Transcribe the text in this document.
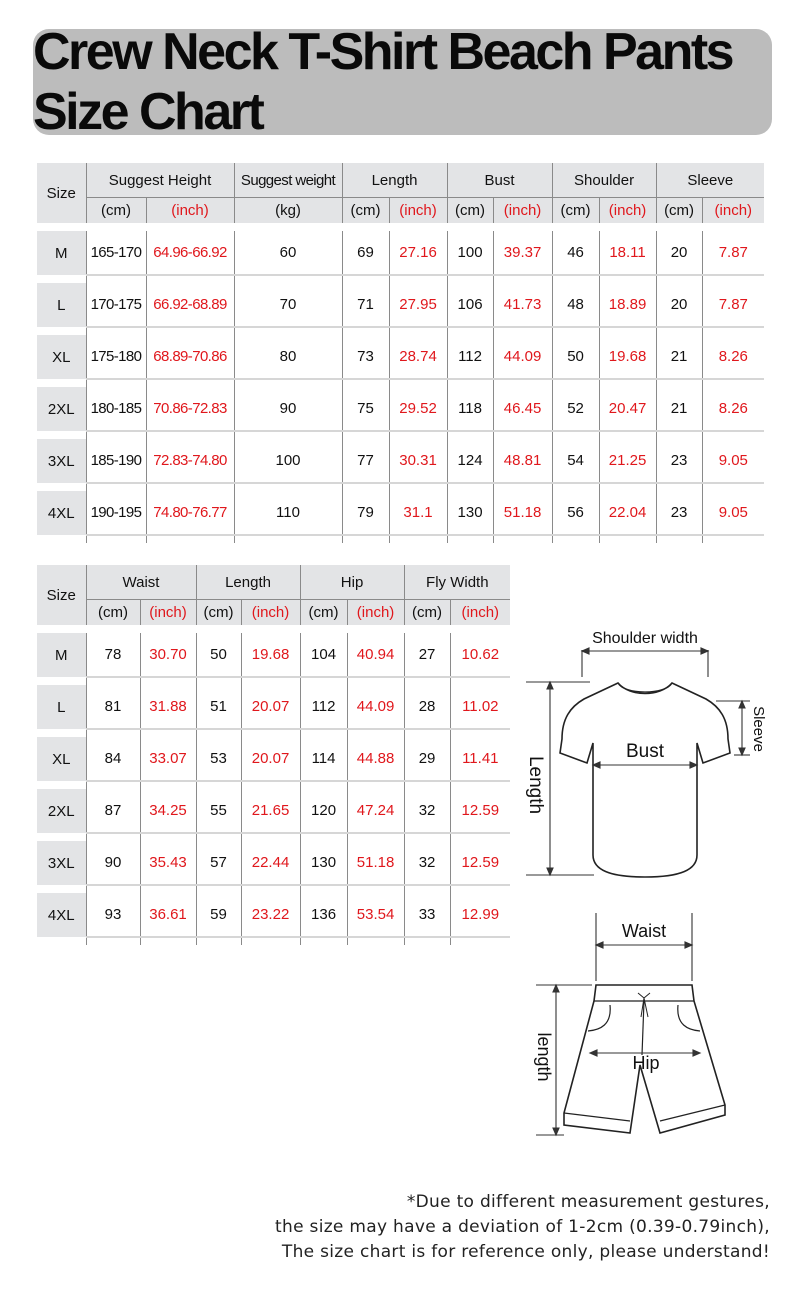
Crew Neck T-Shirt Beach Pants Size Chart
Size	Suggest Height		Suggest weight	Length		Bust		Shoulder		Sleeve	
	(cm)	(inch)	(kg)	(cm)	(inch)	(cm)	(inch)	(cm)	(inch)	(cm)	(inch)

M	165-170	64.96-66.92	60	69	27.16	100	39.37	46	18.11	20	7.87

L	170-175	66.92-68.89	70	71	27.95	106	41.73	48	18.89	20	7.87

XL	175-180	68.89-70.86	80	73	28.74	112	44.09	50	19.68	21	8.26

2XL	180-185	70.86-72.83	90	75	29.52	118	46.45	52	20.47	21	8.26

3XL	185-190	72.83-74.80	100	77	30.31	124	48.81	54	21.25	23	9.05

4XL	190-195	74.80-76.77	110	79	31.1	130	51.18	56	22.04	23	9.05

Size	Waist		Length		Hip		Fly Width	
	(cm)	(inch)	(cm)	(inch)	(cm)	(inch)	(cm)	(inch)

M	78	30.70	50	19.68	104	40.94	27	10.62

L	81	31.88	51	20.07	112	44.09	28	11.02

XL	84	33.07	53	20.07	114	44.88	29	11.41

2XL	87	34.25	55	21.65	120	47.24	32	12.59

3XL	90	35.43	57	22.44	130	51.18	32	12.59

4XL	93	36.61	59	23.22	136	53.54	33	12.99

Shoulder width
Bust
Length
Sleeve
Waist
Hip
length
*Due to different measurement gestures,
the size may have a deviation of 1-2cm (0.39-0.79inch),
The size chart is for reference only, please understand!
